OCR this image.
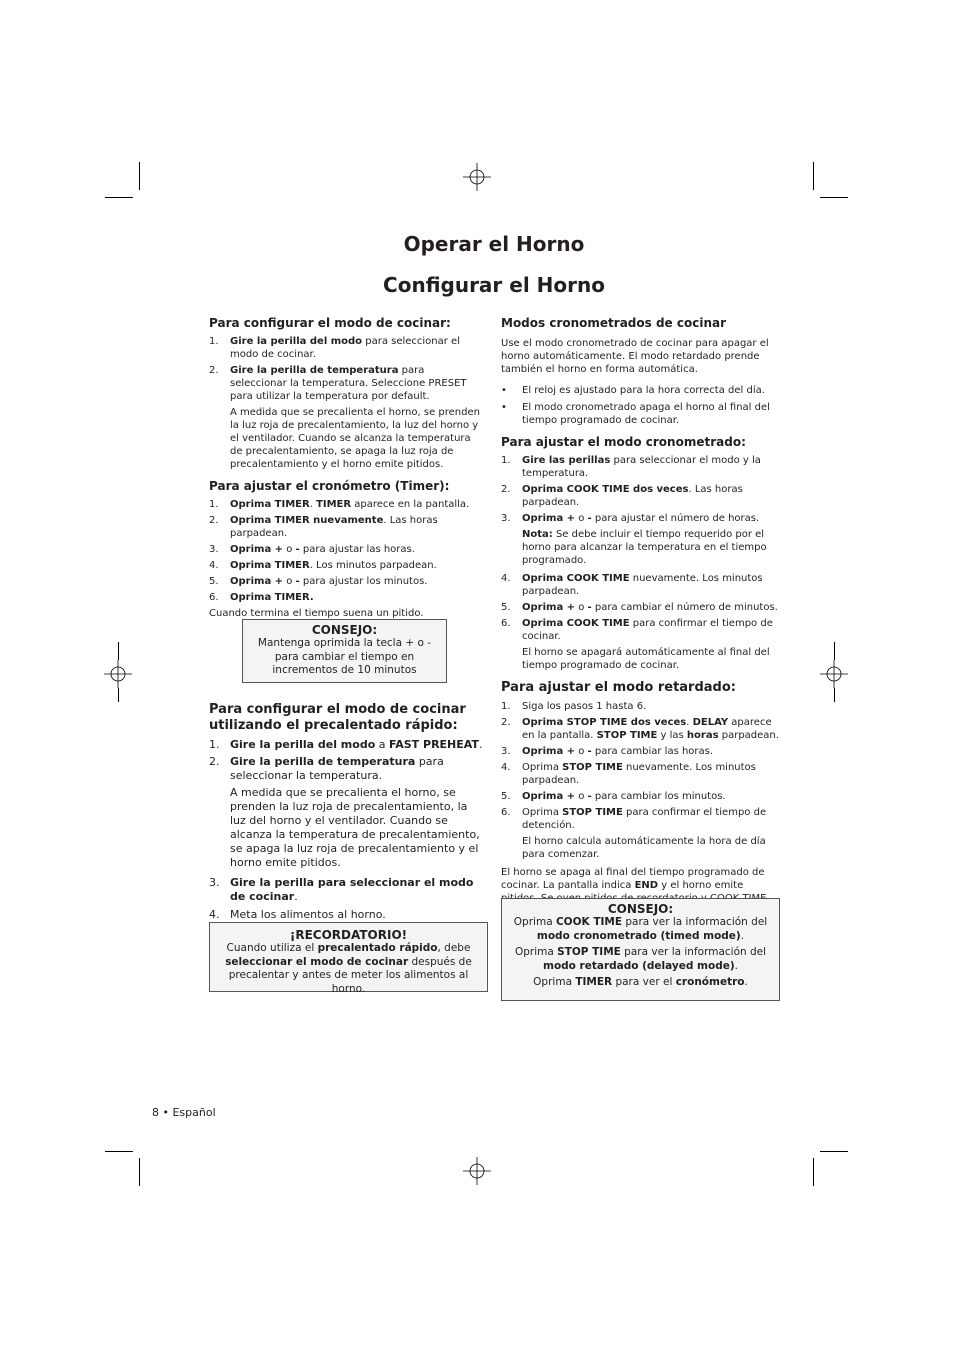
Operar el Horno
Configurar el Horno
Para configurar el modo de cocinar:
1.	Gire la perilla del modo para seleccionar el modo de cocinar.
2.	Gire la perilla de temperatura para seleccionar la temperatura. Seleccione PRESET para utilizar la temperatura por default.

A medida que se precalienta el horno, se prenden la luz roja de precalentamiento, la luz del horno y el ventilador. Cuando se alcanza la temperatura de precalentamiento, se apaga la luz roja de precalentamiento y el horno emite pitidos.

Para ajustar el cronómetro (Timer):
1.	Oprima TIMER. TIMER aparece en la pantalla.
2.	Oprima TIMER nuevamente. Las horas parpadean.
3.	Oprima + o - para ajustar las horas.
4.	Oprima TIMER. Los minutos parpadean.
5.	Oprima + o - para ajustar los minutos.
6.	Oprima TIMER.

Cuando termina el tiempo suena un pitido.

CONSEJO:
Mantenga oprimida la tecla + o - para cambiar el tiempo en incrementos de 10 minutos
Para configurar el modo de cocinar utilizando el precalentado rápido:
1. Gire la perilla del modo a FAST PREHEAT.
2. Gire la perilla de temperatura para seleccionar la temperatura.

A medida que se precalienta el horno, se prenden la luz roja de precalentamiento, la luz del horno y el ventilador. Cuando se alcanza la temperatura de precalentamiento, se apaga la luz roja de precalentamiento y el horno emite pitidos.

3. Gire la perilla para seleccionar el modo de cocinar.
4. Meta los alimentos al horno.
¡RECORDATORIO!
Cuando utiliza el precalentado rápido, debe seleccionar el modo de cocinar después de precalentar y antes de meter los alimentos al horno.
Modos cronometrados de cocinar

Use el modo cronometrado de cocinar para apagar el horno automáticamente. El modo retardado prende también el horno en forma automática.

•	El reloj es ajustado para la hora correcta del día.
•	El modo cronometrado apaga el horno al final del tiempo programado de cocinar.
Para ajustar el modo cronometrado:
1.	Gire las perillas para seleccionar el modo y la temperatura.
2.	Oprima COOK TIME dos veces. Las horas parpadean.
3.	Oprima + o - para ajustar el número de horas.

Nota: Se debe incluir el tiempo requerido por el horno para alcanzar la temperatura en el tiempo programado.

4.	Oprima COOK TIME nuevamente. Los minutos parpadean.
5.	Oprima + o - para cambiar el número de minutos.
6.	Oprima COOK TIME para confirmar el tiempo de cocinar.

El horno se apagará automáticamente al final del tiempo programado de cocinar.

Para ajustar el modo retardado:
1.	Siga los pasos 1 hasta 6.
2.	Oprima STOP TIME dos veces. DELAY aparece en la pantalla. STOP TIME y las horas parpadean.
3.	Oprima + o - para cambiar las horas.
4.	Oprima STOP TIME nuevamente. Los minutos parpadean.
5.	Oprima + o - para cambiar los minutos.
6.	Oprima STOP TIME para confirmar el tiempo de detención.

El horno calcula automáticamente la hora de día para comenzar.

El horno se apaga al final del tiempo programado de cocinar. La pantalla indica END y el horno emite

CONSEJO:
Oprima COOK TIME para ver la información del modo cronometrado (timed mode).
Oprima STOP TIME para ver la información del modo retardado (delayed mode).
Oprima TIMER para ver el cronómetro.
8 • Español
